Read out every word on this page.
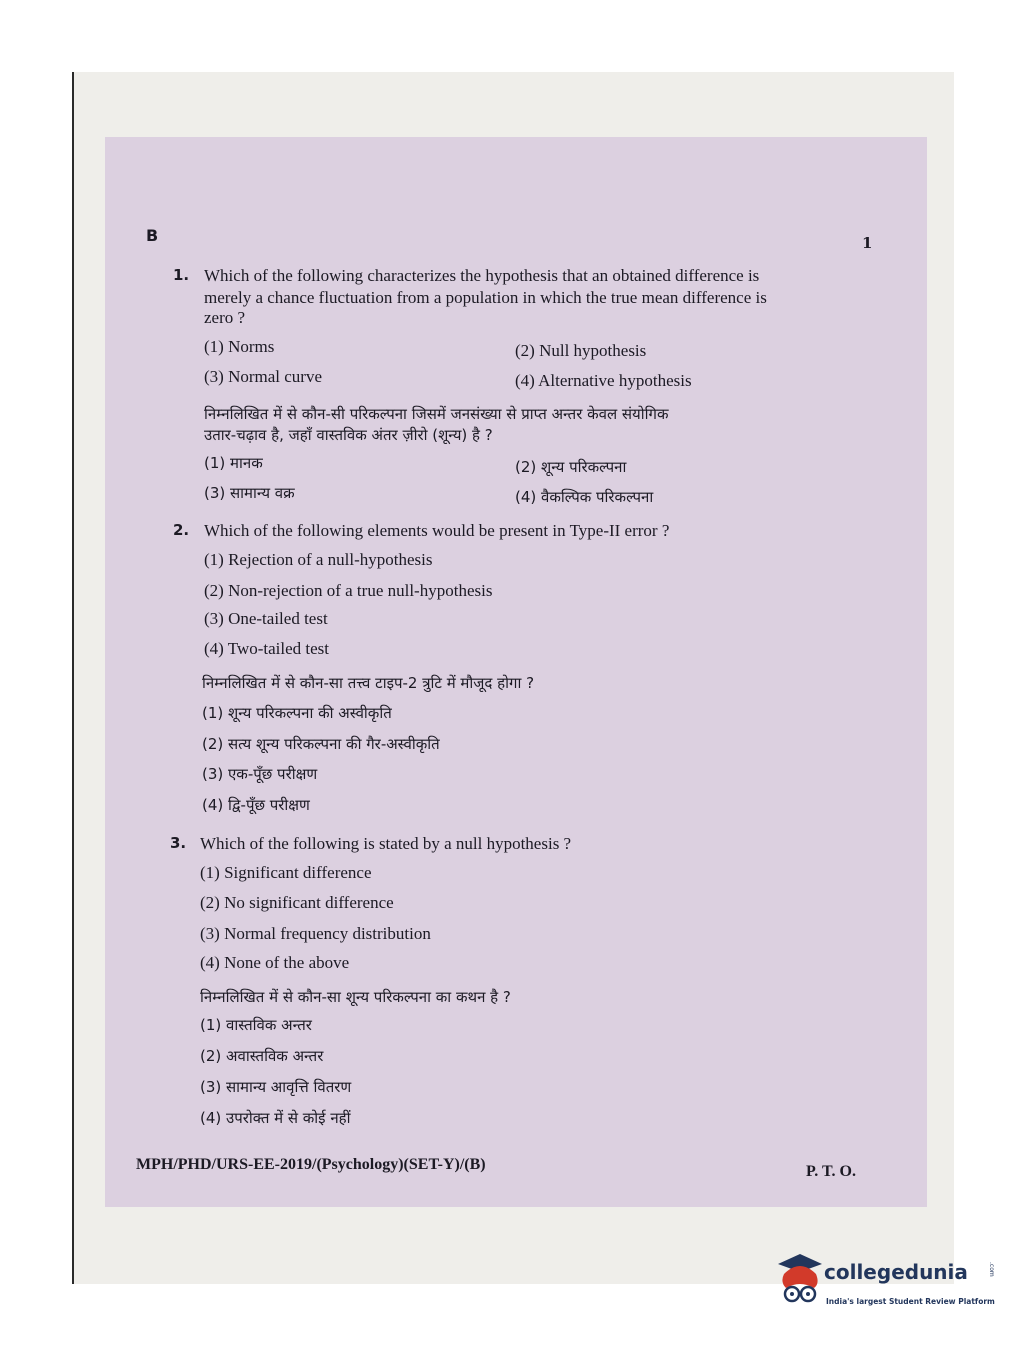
B	1
1. Which of the following characterizes the hypothesis that an obtained difference is
merely a chance fluctuation from a population in which the true mean difference is
zero ?
(1) Norms	(2) Null hypothesis
(3) Normal curve	(4) Alternative hypothesis
निम्नलिखित में से कौन-सी परिकल्पना जिसमें जनसंख्या से प्राप्त अन्तर केवल संयोगिक
उतार-चढ़ाव है, जहाँ वास्तविक अंतर ज़ीरो (शून्य) है ?
(1) मानक	(2) शून्य परिकल्पना
(3) सामान्य वक्र	(4) वैकल्पिक परिकल्पना
2. Which of the following elements would be present in Type-II error ?
(1) Rejection of a null-hypothesis
(2) Non-rejection of a true null-hypothesis
(3) One-tailed test
(4) Two-tailed test
निम्नलिखित में से कौन-सा तत्त्व टाइप-2 त्रुटि में मौजूद होगा ?
(1) शून्य परिकल्पना की अस्वीकृति
(2) सत्य शून्य परिकल्पना की गैर-अस्वीकृति
(3) एक-पूँछ परीक्षण
(4) द्वि-पूँछ परीक्षण
3. Which of the following is stated by a null hypothesis ?
(1) Significant difference
(2) No significant difference
(3) Normal frequency distribution
(4) None of the above
निम्नलिखित में से कौन-सा शून्य परिकल्पना का कथन है ?
(1) वास्तविक अन्तर
(2) अवास्तविक अन्तर
(3) सामान्य आवृत्ति वितरण
(4) उपरोक्त में से कोई नहीं
MPH/PHD/URS-EE-2019/(Psychology)(SET-Y)/(B)	P. T. O.
collegedunia	.com
India's largest Student Review Platform
